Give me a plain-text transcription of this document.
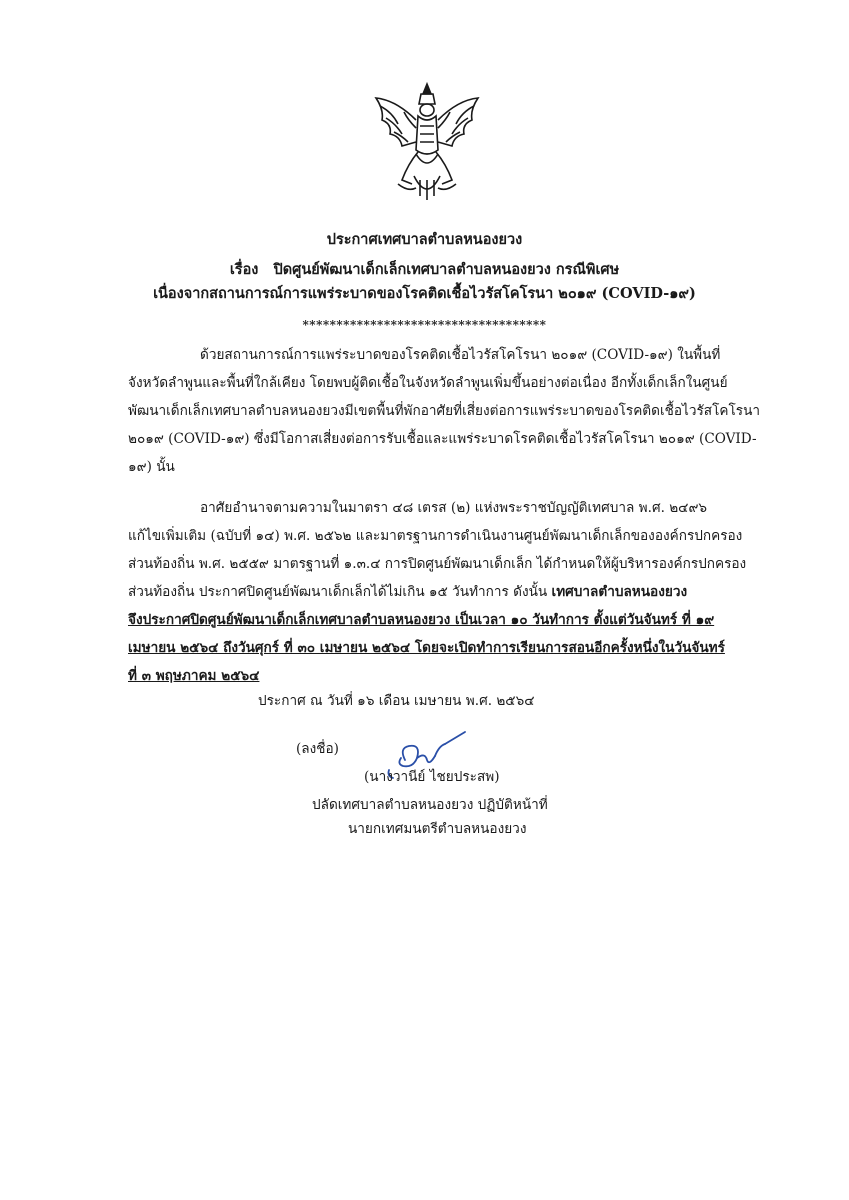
ประกาศเทศบาลตำบลหนองยวง
เรื่อง ปิดศูนย์พัฒนาเด็กเล็กเทศบาลตำบลหนองยวง กรณีพิเศษ
เนื่องจากสถานการณ์การแพร่ระบาดของโรคติดเชื้อไวรัสโคโรนา ๒๐๑๙ (COVID-๑๙)
************************************
ด้วยสถานการณ์การแพร่ระบาดของโรคติดเชื้อไวรัสโคโรนา ๒๐๑๙ (COVID-๑๙) ในพื้นที่
จังหวัดลำพูนและพื้นที่ใกล้เคียง โดยพบผู้ติดเชื้อในจังหวัดลำพูนเพิ่มขึ้นอย่างต่อเนื่อง อีกทั้งเด็กเล็กในศูนย์
พัฒนาเด็กเล็กเทศบาลตำบลหนองยวงมีเขตพื้นที่พักอาศัยที่เสี่ยงต่อการแพร่ระบาดของโรคติดเชื้อไวรัสโคโรนา
๒๐๑๙ (COVID-๑๙) ซึ่งมีโอกาสเสี่ยงต่อการรับเชื้อและแพร่ระบาดโรคติดเชื้อไวรัสโคโรนา ๒๐๑๙ (COVID-
๑๙) นั้น
อาศัยอำนาจตามความในมาตรา ๔๘ เตรส (๒) แห่งพระราชบัญญัติเทศบาล พ.ศ. ๒๔๙๖
แก้ไขเพิ่มเติม (ฉบับที่ ๑๔) พ.ศ. ๒๕๖๒ และมาตรฐานการดำเนินงานศูนย์พัฒนาเด็กเล็กขององค์กรปกครอง
ส่วนท้องถิ่น พ.ศ. ๒๕๕๙ มาตรฐานที่ ๑.๓.๔ การปิดศูนย์พัฒนาเด็กเล็ก ได้กำหนดให้ผู้บริหารองค์กรปกครอง
ส่วนท้องถิ่น ประกาศปิดศูนย์พัฒนาเด็กเล็กได้ไม่เกิน ๑๕ วันทำการ ดังนั้น เทศบาลตำบลหนองยวง
จึงประกาศปิดศูนย์พัฒนาเด็กเล็กเทศบาลตำบลหนองยวง เป็นเวลา ๑๐ วันทำการ ตั้งแต่วันจันทร์ ที่ ๑๙
เมษายน ๒๕๖๔ ถึงวันศุกร์ ที่ ๓๐ เมษายน ๒๕๖๔ โดยจะเปิดทำการเรียนการสอนอีกครั้งหนึ่งในวันจันทร์
ที่ ๓ พฤษภาคม ๒๕๖๔
ประกาศ ณ วันที่ ๑๖ เดือน เมษายน พ.ศ. ๒๕๖๔
(ลงชื่อ)
(นางวานีย์ ไชยประสพ)
ปลัดเทศบาลตำบลหนองยวง ปฏิบัติหน้าที่
นายกเทศมนตรีตำบลหนองยวง
